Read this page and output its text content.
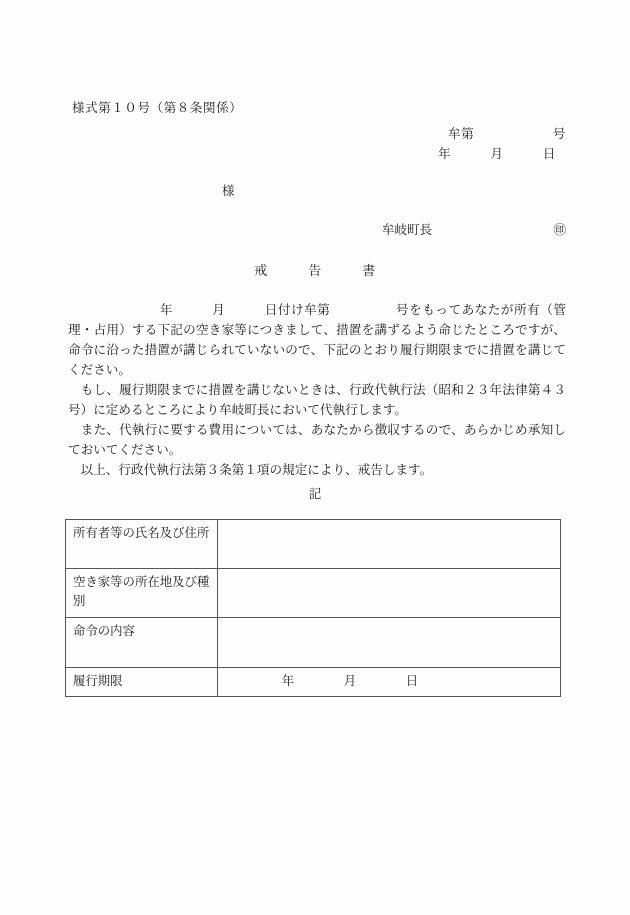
様式第１０号（第８条関係）
牟第　　　　　　号
年　　　月　　　日
様
牟岐町長	㊞
戒　　　告　　　書

　　　　　　　年　　　月　　　日付け牟第　　　　　号をもってあなたが所有（管理・占用）する下記の空き家等につきまして、措置を講ずるよう命じたところですが、命令に沿った措置が講じられていないので、下記のとおり履行期限までに措置を講じてください。

　もし、履行期限までに措置を講じないときは、行政代執行法（昭和２３年法律第４３号）に定めるところにより牟岐町長において代執行します。

　また、代執行に要する費用については、あなたから徴収するので、あらかじめ承知しておいてください。

　以上、行政代執行法第３条第１項の規定により、戒告します。

記
所有者等の氏名及び住所	
空き家等の所在地及び種別	
命令の内容	
履行期限	年　　　　月　　　　日
